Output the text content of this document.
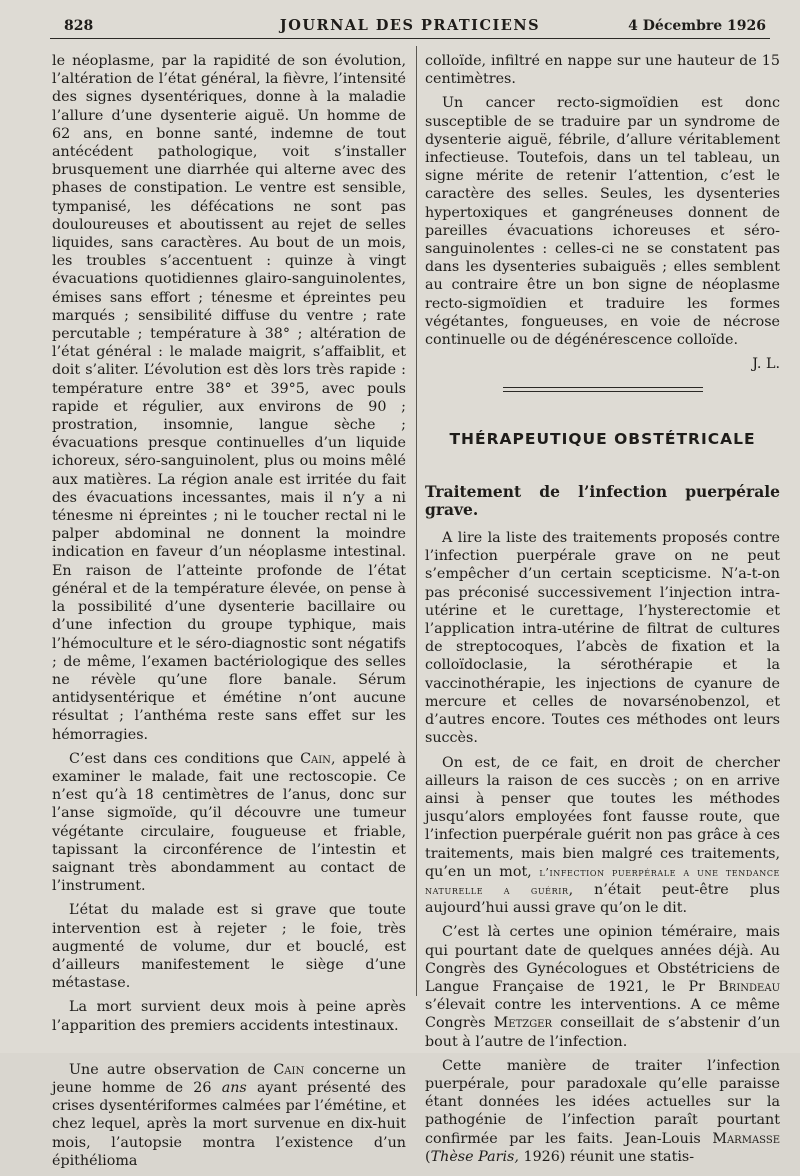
828	JOURNAL DES PRATICIENS	4 Décembre 1926

le néoplasme, par la rapidité de son évolution, l’altération de l’état général, la fièvre, l’intensité des signes dysentériques, donne à la maladie l’allure d’une dysenterie aiguë. Un homme de 62 ans, en bonne santé, indemne de tout antécédent pathologique, voit s’installer brusquement une diarrhée qui alterne avec des phases de constipation. Le ventre est sensible, tympanisé, les défécations ne sont pas douloureuses et aboutissent au rejet de selles liquides, sans caractères. Au bout de un mois, les troubles s’accentuent : quinze à vingt évacuations quotidiennes glairo-sanguinolentes, émises sans effort ; ténesme et épreintes peu marqués ; sensibilité diffuse du ventre ; rate percutable ; température à 38° ; altération de l’état général : le malade maigrit, s’affaiblit, et doit s’aliter. L’évolution est dès lors très rapide : température entre 38° et 39°5, avec pouls rapide et régulier, aux environs de 90 ; prostration, insomnie, langue sèche ; évacuations presque continuelles d’un liquide ichoreux, séro-sanguinolent, plus ou moins mêlé aux matières. La région anale est irritée du fait des évacuations incessantes, mais il n’y a ni ténesme ni épreintes ; ni le toucher rectal ni le palper abdominal ne donnent la moindre indication en faveur d’un néoplasme intestinal. En raison de l’atteinte profonde de l’état général et de la température élevée, on pense à la possibilité d’une dysenterie bacillaire ou d’une infection du groupe typhique, mais l’hémoculture et le séro-diagnostic sont négatifs ; de même, l’examen bactériologique des selles ne révèle qu’une flore banale. Sérum antidysentérique et émétine n’ont aucune résultat ; l’anthéma reste sans effet sur les hémorragies.

C’est dans ces conditions que Cain, appelé à examiner le malade, fait une rectoscopie. Ce n’est qu’à 18 centimètres de l’anus, donc sur l’anse sigmoïde, qu’il découvre une tumeur végétante circulaire, fougueuse et friable, tapissant la circonférence de l’intestin et saignant très abondamment au contact de l’instrument.

L’état du malade est si grave que toute intervention est à rejeter ; le foie, très augmenté de volume, dur et bouclé, est d’ailleurs manifestement le siège d’une métastase.

La mort survient deux mois à peine après l’apparition des premiers accidents intestinaux.

Une autre observation de Cain concerne un jeune homme de 26 ans ayant présenté des crises dysentériformes calmées par l’émétine, et chez lequel, après la mort survenue en dix-huit mois, l’autopsie montra l’existence d’un épithélioma

colloïde, infiltré en nappe sur une hauteur de 15 centimètres.

Un cancer recto-sigmoïdien est donc susceptible de se traduire par un syndrome de dysenterie aiguë, fébrile, d’allure véritablement infectieuse. Toutefois, dans un tel tableau, un signe mérite de retenir l’attention, c’est le caractère des selles. Seules, les dysenteries hypertoxiques et gangréneuses donnent de pareilles évacuations ichoreuses et séro-sanguinolentes : celles-ci ne se constatent pas dans les dysenteries subaiguës ; elles semblent au contraire être un bon signe de néoplasme recto-sigmoïdien et traduire les formes végétantes, fongueuses, en voie de nécrose continuelle ou de dégénérescence colloïde.

J. L.
THÉRAPEUTIQUE OBSTÉTRICALE
Traitement de l’infection puerpérale grave.

A lire la liste des traitements proposés contre l’infection puerpérale grave on ne peut s’empêcher d’un certain scepticisme. N’a-t-on pas préconisé successivement l’injection intra-utérine et le curettage, l’hysterectomie et l’application intra-utérine de filtrat de cultures de streptocoques, l’abcès de fixation et la colloïdoclasie, la sérothérapie et la vaccinothérapie, les injections de cyanure de mercure et celles de novarsénobenzol, et d’autres encore. Toutes ces méthodes ont leurs succès.

On est, de ce fait, en droit de chercher ailleurs la raison de ces succès ; on en arrive ainsi à penser que toutes les méthodes jusqu’alors employées font fausse route, que l’infection puerpérale guérit non pas grâce à ces traitements, mais bien malgré ces traitements, qu’en un mot, l’infection puerpérale a une tendance naturelle a guérir, n’était peut-être plus aujourd’hui aussi grave qu’on le dit.

C’est là certes une opinion téméraire, mais qui pourtant date de quelques années déjà. Au Congrès des Gynécologues et Obstétriciens de Langue Française de 1921, le Pr Brindeau s’élevait contre les interventions. A ce même Congrès Metzger conseillait de s’abstenir d’un bout à l’autre de l’infection.

Cette manière de traiter l’infection puerpérale, pour paradoxale qu’elle paraisse étant données les idées actuelles sur la pathogénie de l’infection paraît pourtant confirmée par les faits. Jean-Louis Marmasse (Thèse Paris, 1926) réunit une statis-
